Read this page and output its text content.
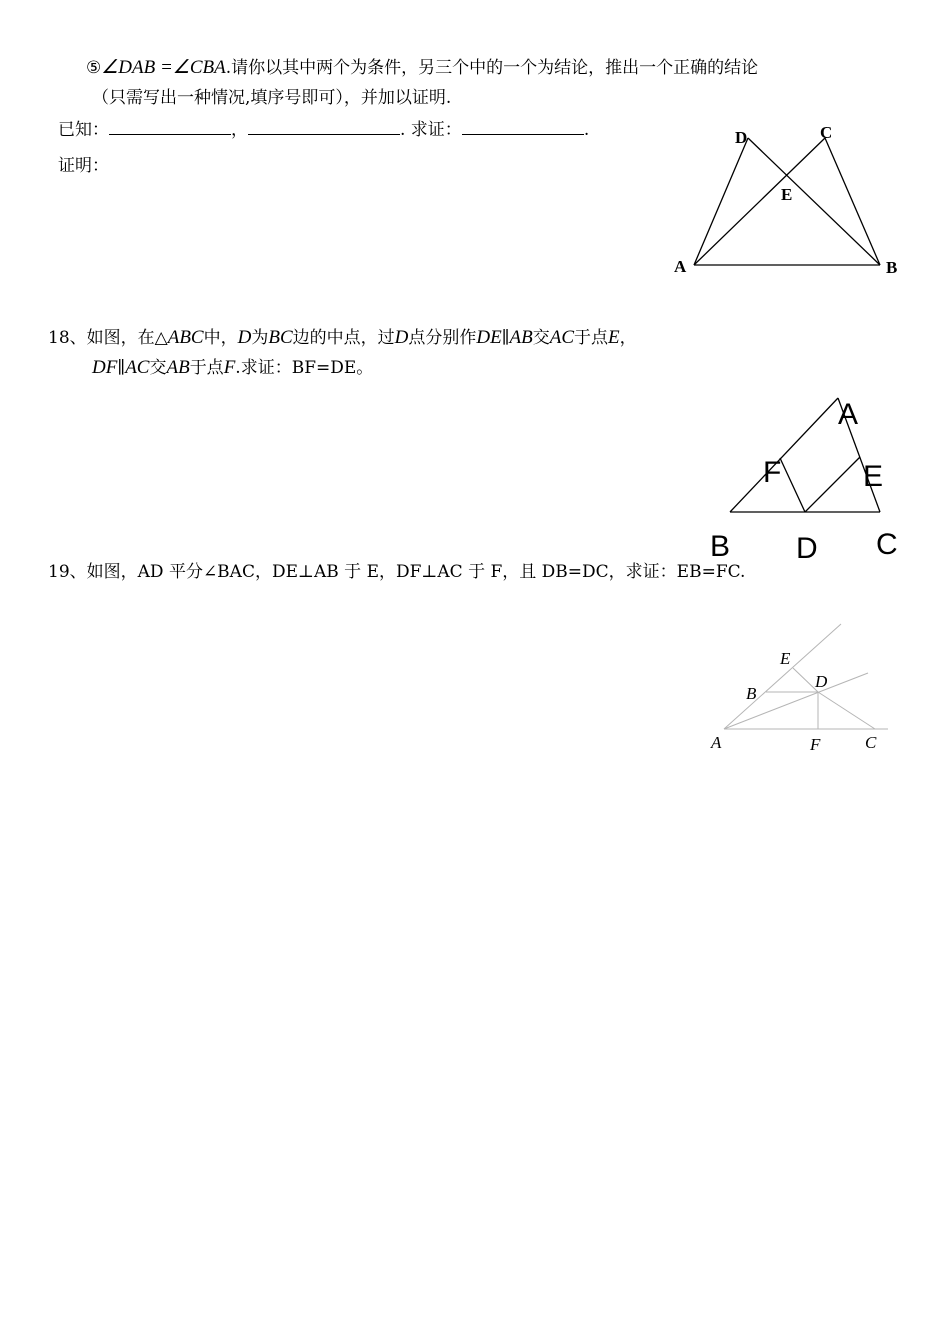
⑤∠DAB =∠CBA.请你以其中两个为条件，另三个中的一个为结论，推出一个正确的结论
（只需写出一种情况,填序号即可），并加以证明.
已知：	，	. 求证：	.
证明：
D	C
E
A	B
18、如图，在△ABC中，D为BC边的中点，过D点分别作DE∥AB交AC于点E，
DF∥AC交AB于点F.求证：BF=DE。
A
F	E
B D C
19、如图，AD 平分∠BAC，DE⊥AB 于 E，DF⊥AC 于 F，且 DB=DC，求证：EB=FC.
E
B
D
A	F	C
